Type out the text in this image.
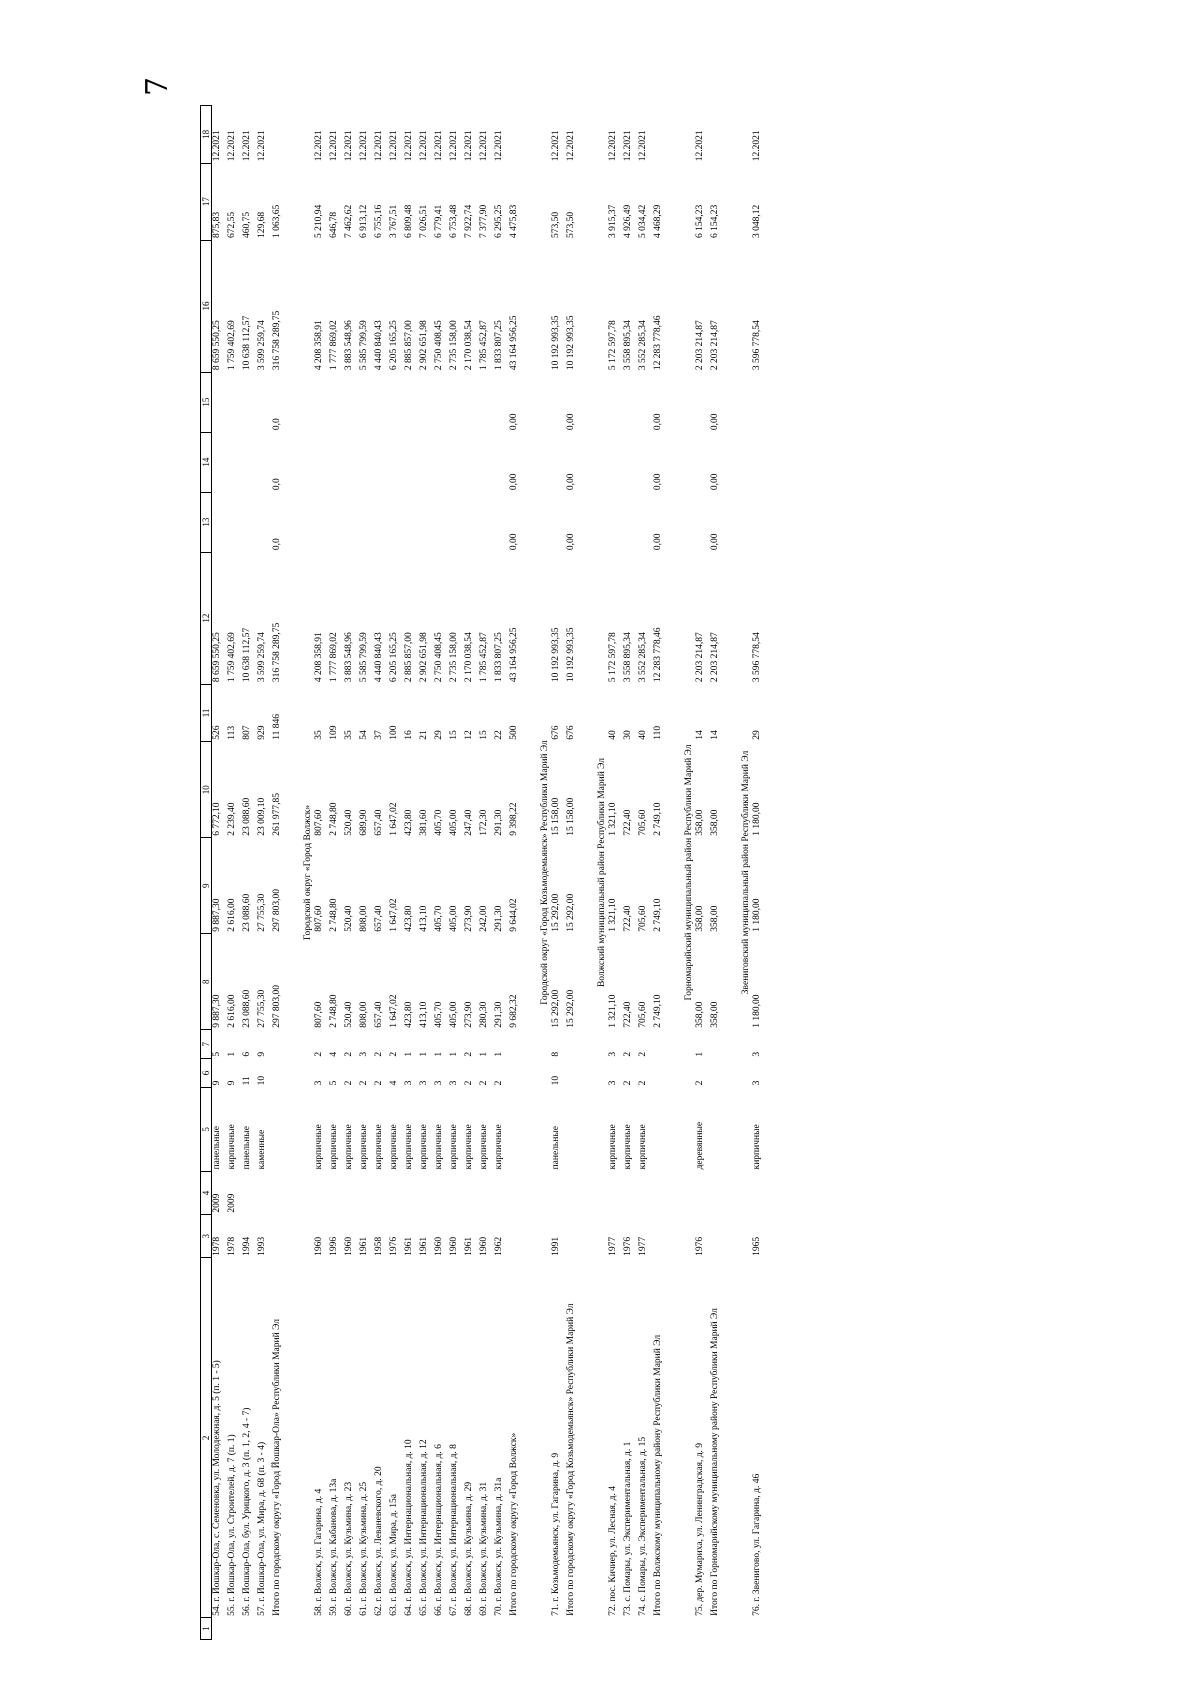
7
1	2	3	4	5	6	7	8	9	10	11	12	13	14	15	16	17	18
	54. г. Йошкар-Ола, с. Семеновка, ул. Молодежная, д. 5 (п. 1 - 5)	1978	2009	панельные	9	5	9 887,30	9 887,30	6 772,10	526	8 659 550,25				8 659 550,25	875,83	12.2021
	55. г. Йошкар-Ола, ул. Строителей, д. 7 (п. 1)	1978	2009	кирпичные	9	1	2 616,00	2 616,00	2 239,40	113	1 759 402,69				1 759 402,69	672,55	12.2021
	56. г. Йошкар-Ола, бул. Урицкого, д. 3 (п. 1, 2, 4 - 7)	1994		панельные	11	6	23 088,60	23 088,60	23 088,60	807	10 638 112,57				10 638 112,57	460,75	12.2021
	57. г. Йошкар-Ола, ул. Мира, д. 68 (п. 3 - 4)	1993		каменные	10	9	27 755,30	27 755,30	23 009,10	929	3 599 259,74				3 599 259,74	129,68	12.2021
	Итого по городскому округу «Город Йошкар-Ола» Республики Марий Эл						297 803,00	297 803,00	261 977,85	11 846	316 758 289,75	0,0	0,0	0,0	316 758 289,75	1 063,65	

Городской округ «Город Волжск»																	
	58. г. Волжск, ул. Гагарина, д. 4	1960		кирпичные	3	2	807,60	807,60	807,60	35	4 208 358,91				4 208 358,91	5 210,94	12.2021
	59. г. Волжск, ул. Кабанова, д. 13а	1996		кирпичные	5	4	2 748,80	2 748,80	2 748,80	109	1 777 869,02				1 777 869,02	646,78	12.2021
	60. г. Волжск, ул. Кузьмина, д. 23	1960		кирпичные	2	2	520,40	520,40	520,40	35	3 883 548,96				3 883 548,96	7 462,62	12.2021
	61. г. Волжск, ул. Кузьмина, д. 25	1961		кирпичные	2	3	808,00	808,00	689,90	54	5 585 799,59				5 585 799,59	6 913,12	12.2021
	62. г. Волжск, ул. Леваневского, д. 20	1958		кирпичные	2	2	657,40	657,40	657,40	37	4 440 840,43				4 440 840,43	6 755,16	12.2021
	63. г. Волжск, ул. Мира, д. 15а	1976		кирпичные	4	2	1 647,02	1 647,02	1 647,02	100	6 205 165,25				6 205 165,25	3 767,51	12.2021
	64. г. Волжск, ул. Интернациональная, д. 10	1961		кирпичные	3	1	423,80	423,80	423,80	16	2 885 857,00				2 885 857,00	6 809,48	12.2021
	65. г. Волжск, ул. Интернациональная, д. 12	1961		кирпичные	3	1	413,10	413,10	381,60	21	2 902 651,98				2 902 651,98	7 026,51	12.2021
	66. г. Волжск, ул. Интернациональная, д. 6	1960		кирпичные	3	1	405,70	405,70	405,70	29	2 750 408,45				2 750 408,45	6 779,41	12.2021
	67. г. Волжск, ул. Интернациональная, д. 8	1960		кирпичные	3	1	405,00	405,00	405,00	15	2 735 158,00				2 735 158,00	6 753,48	12.2021
	68. г. Волжск, ул. Кузьмина, д. 29	1961		кирпичные	2	2	273,90	273,90	247,40	12	2 170 038,54				2 170 038,54	7 922,74	12.2021
	69. г. Волжск, ул. Кузьмина, д. 31	1960		кирпичные	2	1	280,30	242,00	172,30	15	1 785 452,87				1 785 452,87	7 377,90	12.2021
	70. г. Волжск, ул. Кузьмина, д. 31а	1962		кирпичные	2	1	291,30	291,30	291,30	22	1 833 807,25				1 833 807,25	6 295,25	12.2021
	Итого по городскому округу «Город Волжск»						9 682,32	9 644,02	9 398,22	500	43 164 956,25	0,00	0,00	0,00	43 164 956,25	4 475,83	

Городской округ «Город Козьмодемьянск» Республики Марий Эл																	
	71. г. Козьмодемьянск, ул. Гагарина, д. 9	1991		панельные	10	8	15 292,00	15 292,00	15 158,00	676	10 192 993,35				10 192 993,35	573,50	12.2021
	Итого по городскому округу «Город Козьмодемьянск» Республики Марий Эл						15 292,00	15 292,00	15 158,00	676	10 192 993,35	0,00	0,00	0,00	10 192 993,35	573,50	12.2021

Волжский муниципальный район Республики Марий Эл																	
	72. пос. Кичиер, ул. Лесная, д. 4	1977		кирпичные	3	3	1 321,10	1 321,10	1 321,10	40	5 172 597,78				5 172 597,78	3 915,37	12.2021
	73. с. Помары, ул. Экспериментальная, д. 1	1976		кирпичные	2	2	722,40	722,40	722,40	30	3 558 895,34				3 558 895,34	4 926,49	12.2021
	74. с. Помары, ул. Экспериментальная, д. 15	1977		кирпичные	2	2	705,60	705,60	705,60	40	3 552 285,34				3 552 285,34	5 034,42	12.2021
	Итого по Волжскому муниципальному району Республики Марий Эл						2 749,10	2 749,10	2 749,10	110	12 283 778,46	0,00	0,00	0,00	12 283 778,46	4 468,29	

Горномарийский муниципальный район Республики Марий Эл																	
	75. дер. Мумариха, ул. Ленинградская, д. 9	1976		деревянные	2	1	358,00	358,00	358,00	14	2 203 214,87				2 203 214,87	6 154,23	12.2021
	Итого по Горномарийскому муниципальному району Республики Марий Эл						358,00	358,00	358,00	14	2 203 214,87	0,00	0,00	0,00	2 203 214,87	6 154,23	

Звениговский муниципальный район Республики Марий Эл																	
	76. г. Звенигово, ул. Гагарина, д. 46	1965		кирпичные	3	3	1 180,00	1 180,00	1 180,00	29	3 596 778,54				3 596 778,54	3 048,12	12.2021
